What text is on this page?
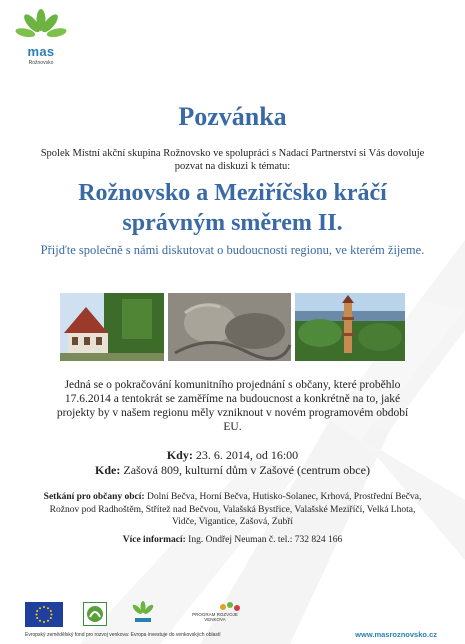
mas
Rožnovsko
Pozvánka
Spolek Místní akční skupina Rožnovsko ve spolupráci s Nadací Partnerství si Vás dovoluje pozvat na diskuzi k tématu:
Rožnovsko a Meziříčsko kráčí
správným směrem II.
Přijďte společně s námi diskutovat o budoucnosti regionu, ve kterém žijeme.
Jedná se o pokračování komunitního projednání s občany, které proběhlo 17.6.2014 a tentokrát se zaměříme na budoucnost a konkrétně na to, jaké projekty by v našem regionu měly vzniknout v novém programovém období EU.
Kdy: 23. 6. 2014, od 16:00
Kde: Zašová 809, kulturní dům v Zašové (centrum obce)
Setkání pro občany obcí: Dolní Bečva, Horní Bečva, Hutisko-Solanec, Krhová, Prostřední Bečva, Rožnov pod Radhoštěm, Střítež nad Bečvou, Valašská Bystřice, Valašské Meziříčí, Velká Lhota, Vidče, Vigantice, Zašová, Zubří
Více informací: Ing. Ondřej Neuman č. tel.: 732 824 166
PROGRAM ROZVOJE VENKOVA
Evropský zemědělský fond pro rozvoj venkova: Evropa investuje do venkovských oblastí	www.masroznovsko.cz
